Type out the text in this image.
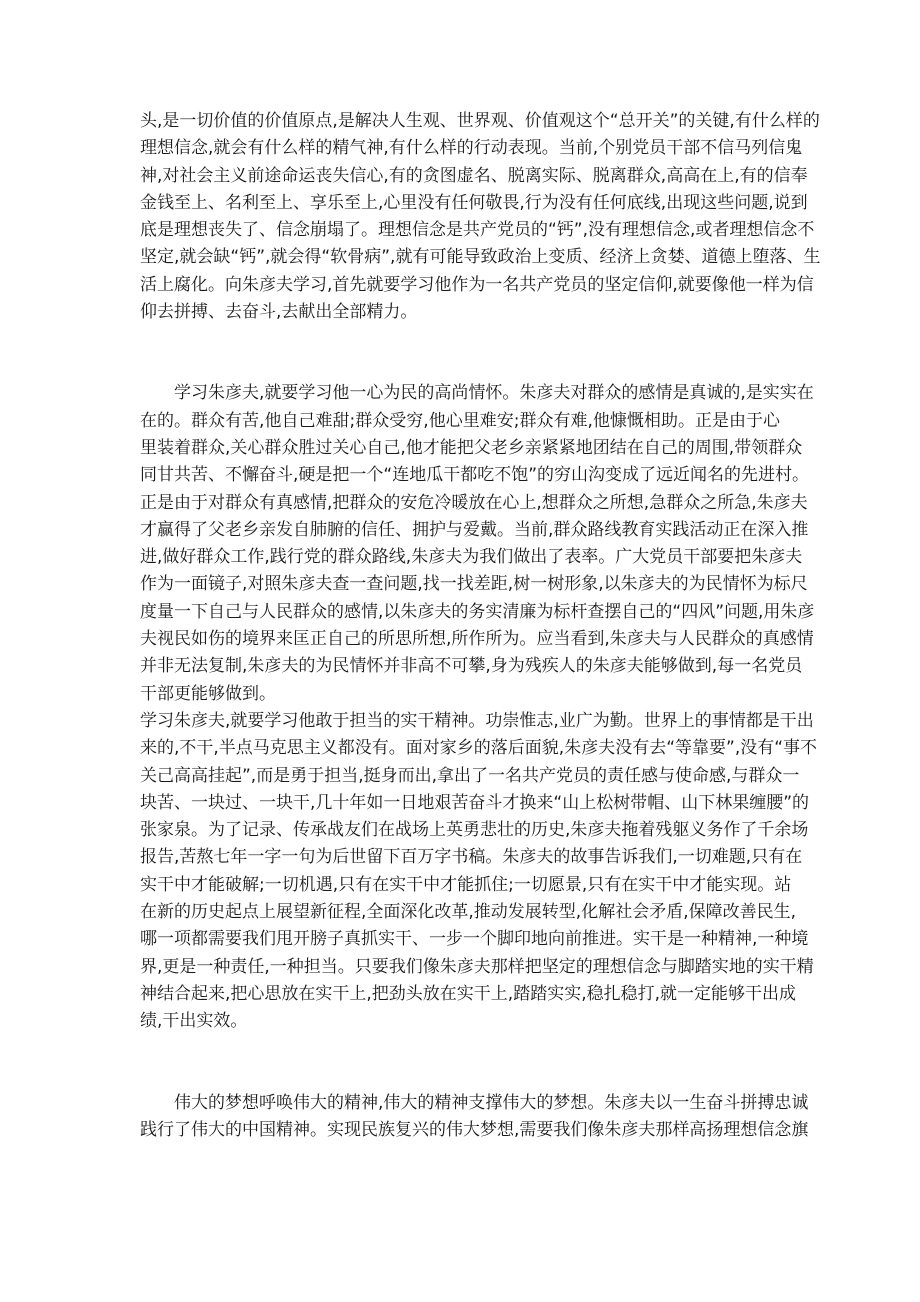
头,是一切价值的价值原点,是解决人生观、世界观、价值观这个“总开关”的关键,有什么样的
理想信念,就会有什么样的精气神,有什么样的行动表现。当前,个别党员干部不信马列信鬼
神,对社会主义前途命运丧失信心,有的贪图虚名、脱离实际、脱离群众,高高在上,有的信奉
金钱至上、名利至上、享乐至上,心里没有任何敬畏,行为没有任何底线,出现这些问题,说到
底是理想丧失了、信念崩塌了。理想信念是共产党员的“钙”,没有理想信念,或者理想信念不
坚定,就会缺“钙”,就会得“软骨病”,就有可能导致政治上变质、经济上贪婪、道德上堕落、生
活上腐化。向朱彦夫学习,首先就要学习他作为一名共产党员的坚定信仰,就要像他一样为信
仰去拼搏、去奋斗,去献出全部精力。
学习朱彦夫,就要学习他一心为民的高尚情怀。朱彦夫对群众的感情是真诚的,是实实在
在的。群众有苦,他自己难甜;群众受穷,他心里难安;群众有难,他慷慨相助。正是由于心
里装着群众,关心群众胜过关心自己,他才能把父老乡亲紧紧地团结在自己的周围,带领群众
同甘共苦、不懈奋斗,硬是把一个“连地瓜干都吃不饱”的穷山沟变成了远近闻名的先进村。
正是由于对群众有真感情,把群众的安危冷暖放在心上,想群众之所想,急群众之所急,朱彦夫
才赢得了父老乡亲发自肺腑的信任、拥护与爱戴。当前,群众路线教育实践活动正在深入推
进,做好群众工作,践行党的群众路线,朱彦夫为我们做出了表率。广大党员干部要把朱彦夫
作为一面镜子,对照朱彦夫查一查问题,找一找差距,树一树形象,以朱彦夫的为民情怀为标尺
度量一下自己与人民群众的感情,以朱彦夫的务实清廉为标杆查摆自己的“四风”问题,用朱彦
夫视民如伤的境界来匡正自己的所思所想,所作所为。应当看到,朱彦夫与人民群众的真感情
并非无法复制,朱彦夫的为民情怀并非高不可攀,身为残疾人的朱彦夫能够做到,每一名党员
干部更能够做到。
学习朱彦夫,就要学习他敢于担当的实干精神。功崇惟志,业广为勤。世界上的事情都是干出
来的,不干,半点马克思主义都没有。面对家乡的落后面貌,朱彦夫没有去“等靠要”,没有“事不
关己高高挂起”,而是勇于担当,挺身而出,拿出了一名共产党员的责任感与使命感,与群众一
块苦、一块过、一块干,几十年如一日地艰苦奋斗才换来“山上松树带帽、山下林果缠腰”的
张家泉。为了记录、传承战友们在战场上英勇悲壮的历史,朱彦夫拖着残躯义务作了千余场
报告,苦熬七年一字一句为后世留下百万字书稿。朱彦夫的故事告诉我们,一切难题,只有在
实干中才能破解;一切机遇,只有在实干中才能抓住;一切愿景,只有在实干中才能实现。站
在新的历史起点上展望新征程,全面深化改革,推动发展转型,化解社会矛盾,保障改善民生,
哪一项都需要我们甩开膀子真抓实干、一步一个脚印地向前推进。实干是一种精神,一种境
界,更是一种责任,一种担当。只要我们像朱彦夫那样把坚定的理想信念与脚踏实地的实干精
神结合起来,把心思放在实干上,把劲头放在实干上,踏踏实实,稳扎稳打,就一定能够干出成
绩,干出实效。
伟大的梦想呼唤伟大的精神,伟大的精神支撑伟大的梦想。朱彦夫以一生奋斗拼搏忠诚
践行了伟大的中国精神。实现民族复兴的伟大梦想,需要我们像朱彦夫那样高扬理想信念旗
